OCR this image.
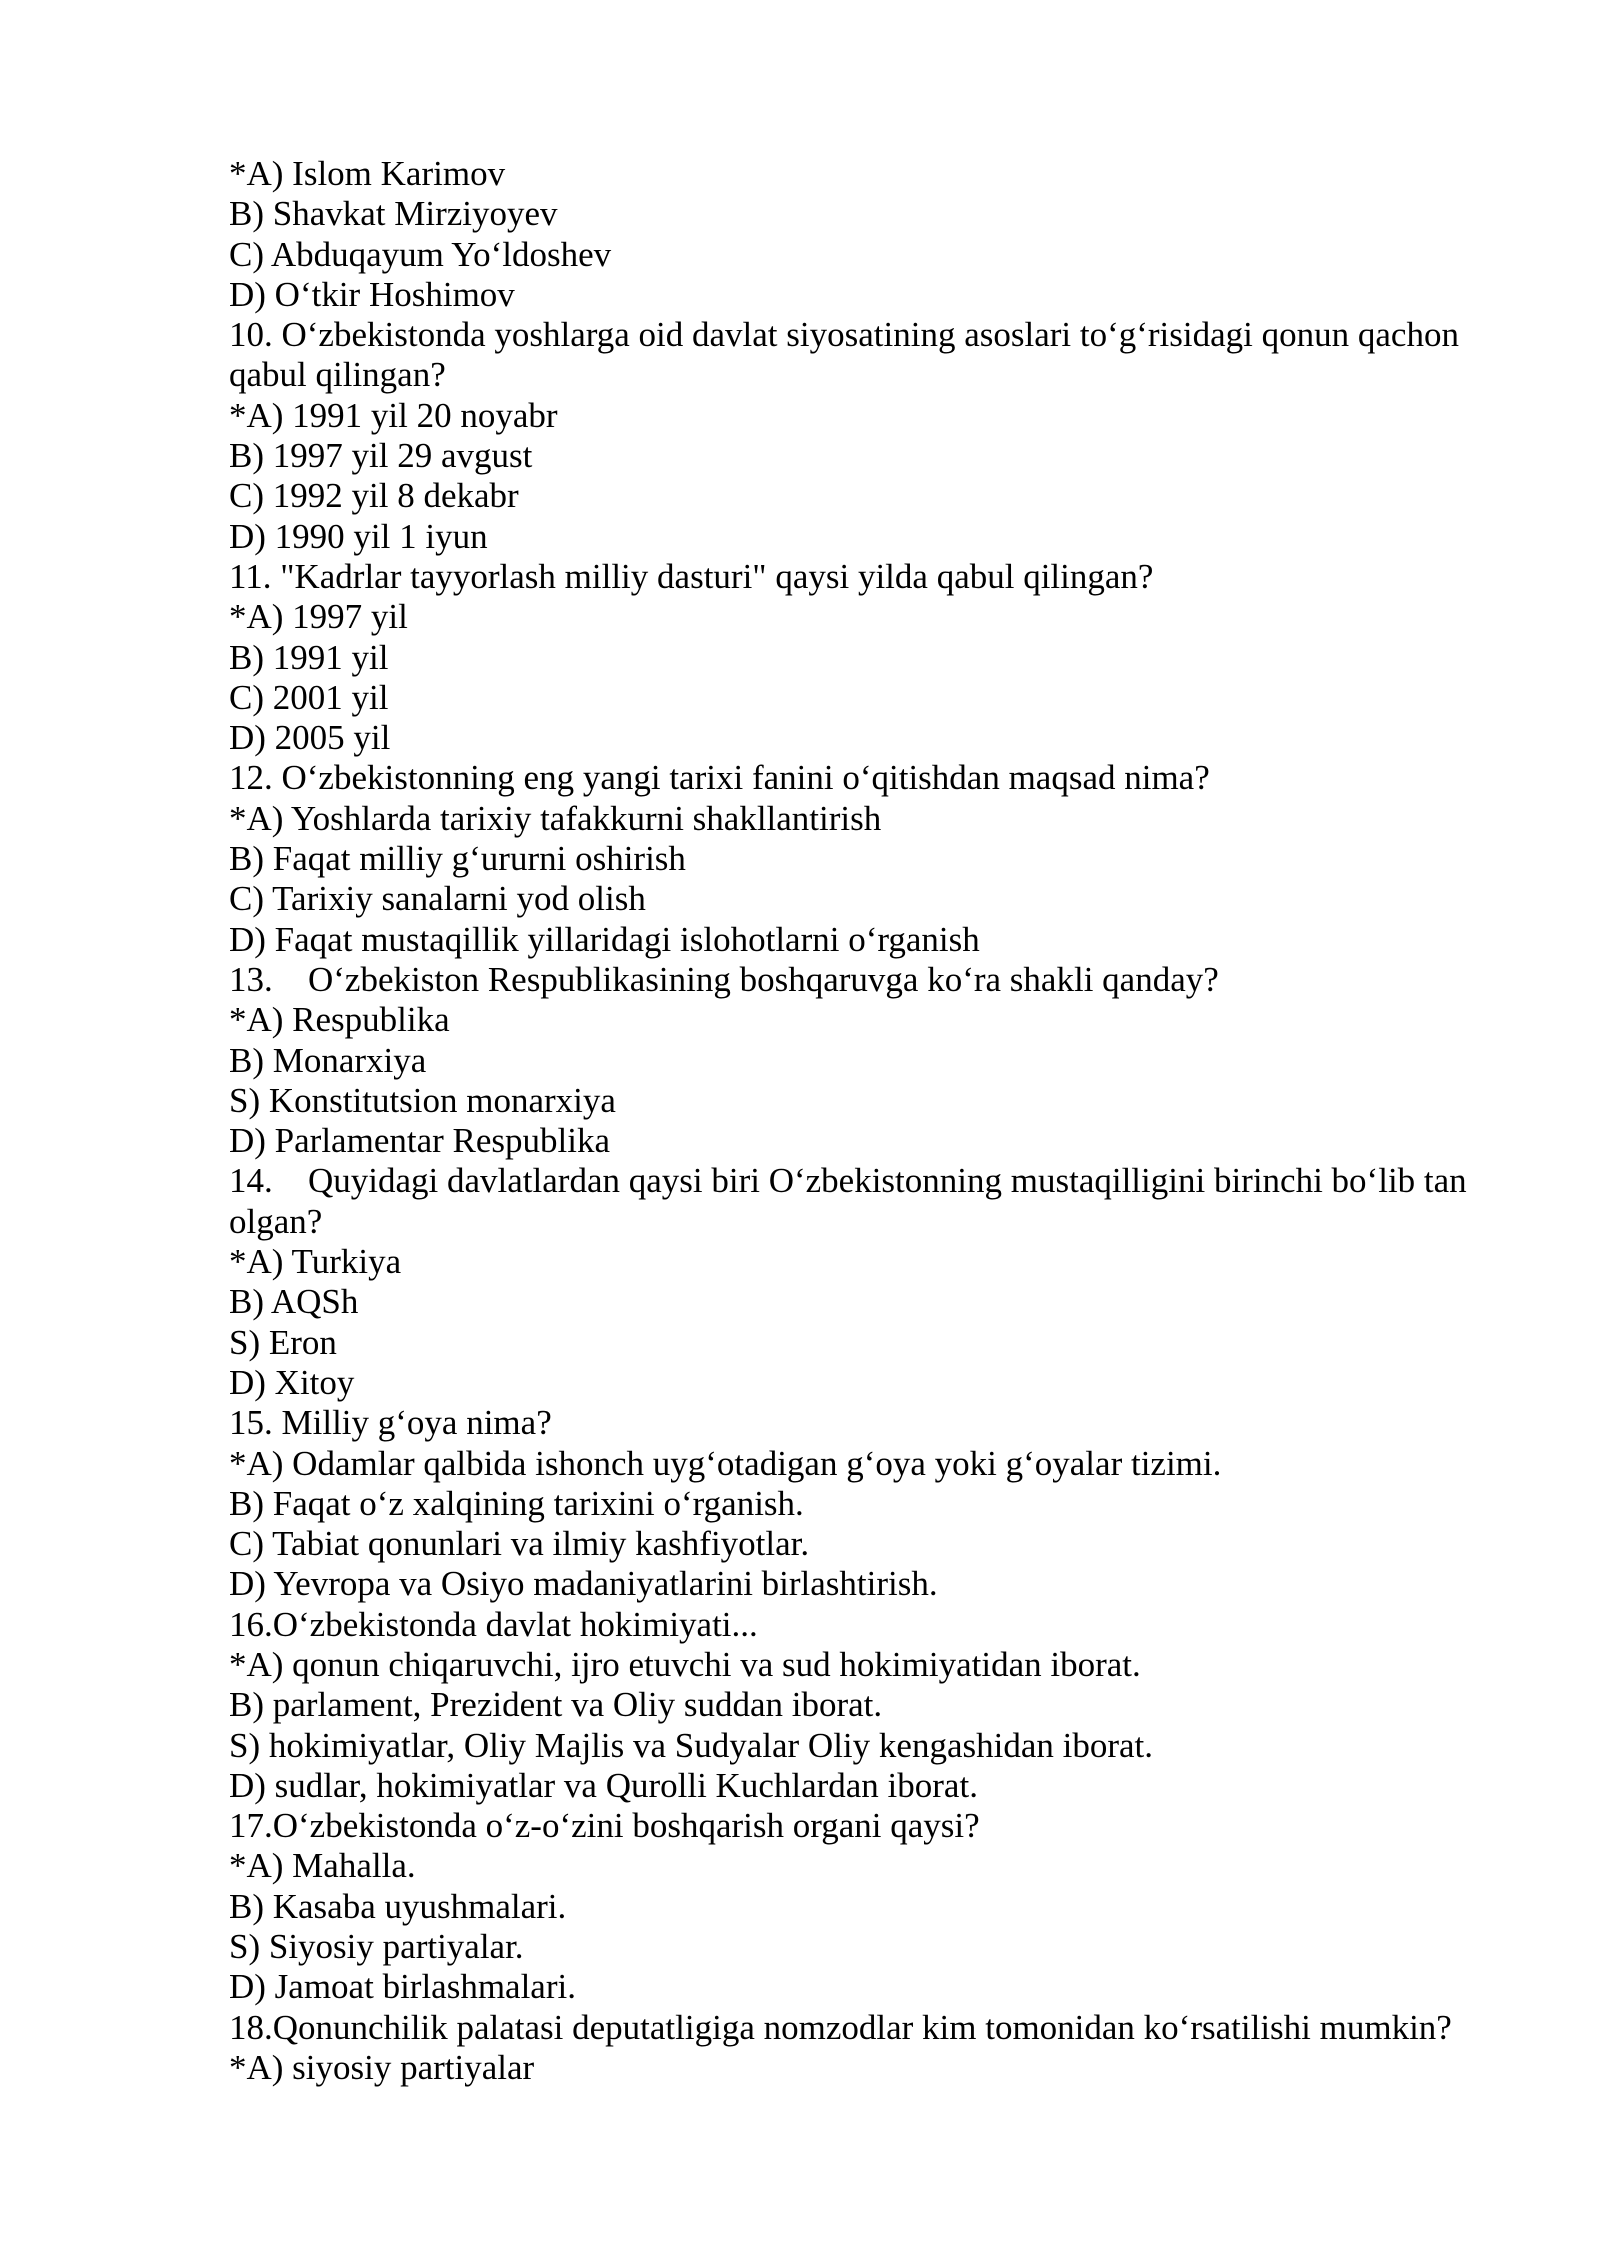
*A) Islom Karimov
B) Shavkat Mirziyoyev
C) Abduqayum Yoʻldoshev
D) Oʻtkir Hoshimov
10. Oʻzbekistonda yoshlarga oid davlat siyosatining asoslari toʻgʻrisidagi qonun qachon qabul qilingan?
*A) 1991 yil 20 noyabr
B) 1997 yil 29 avgust
C) 1992 yil 8 dekabr
D) 1990 yil 1 iyun
11. "Kadrlar tayyorlash milliy dasturi" qaysi yilda qabul qilingan?
*A) 1997 yil
B) 1991 yil
C) 2001 yil
D) 2005 yil
12. Oʻzbekistonning eng yangi tarixi fanini oʻqitishdan maqsad nima?
*A) Yoshlarda tarixiy tafakkurni shakllantirish
B) Faqat milliy gʻururni oshirish
C) Tarixiy sanalarni yod olish
D) Faqat mustaqillik yillaridagi islohotlarni oʻrganish
13. Oʻzbekiston Respublikasining boshqaruvga koʻra shakli qanday?
*A) Respublika
B) Monarxiya
S) Konstitutsion monarxiya
D) Parlamentar Respublika
14. Quyidagi davlatlardan qaysi biri Oʻzbekistonning mustaqilligini birinchi boʻlib tan olgan?
*A) Turkiya
B) AQSh
S) Eron
D) Xitoy
15. Milliy gʻoya nima?
*A) Odamlar qalbida ishonch uygʻotadigan gʻoya yoki gʻoyalar tizimi.
B) Faqat oʻz xalqining tarixini oʻrganish.
C) Tabiat qonunlari va ilmiy kashfiyotlar.
D) Yevropa va Osiyo madaniyatlarini birlashtirish.
16.Oʻzbekistonda davlat hokimiyati...
*A) qonun chiqaruvchi, ijro etuvchi va sud hokimiyatidan iborat.
B) parlament, Prezident va Oliy suddan iborat.
S) hokimiyatlar, Oliy Majlis va Sudyalar Oliy kengashidan iborat.
D) sudlar, hokimiyatlar va Qurolli Kuchlardan iborat.
17.Oʻzbekistonda oʻz-oʻzini boshqarish organi qaysi?
*A) Mahalla.
B) Kasaba uyushmalari.
S) Siyosiy partiyalar.
D) Jamoat birlashmalari.
18.Qonunchilik palatasi deputatligiga nomzodlar kim tomonidan koʻrsatilishi mumkin?
*A) siyosiy partiyalar
